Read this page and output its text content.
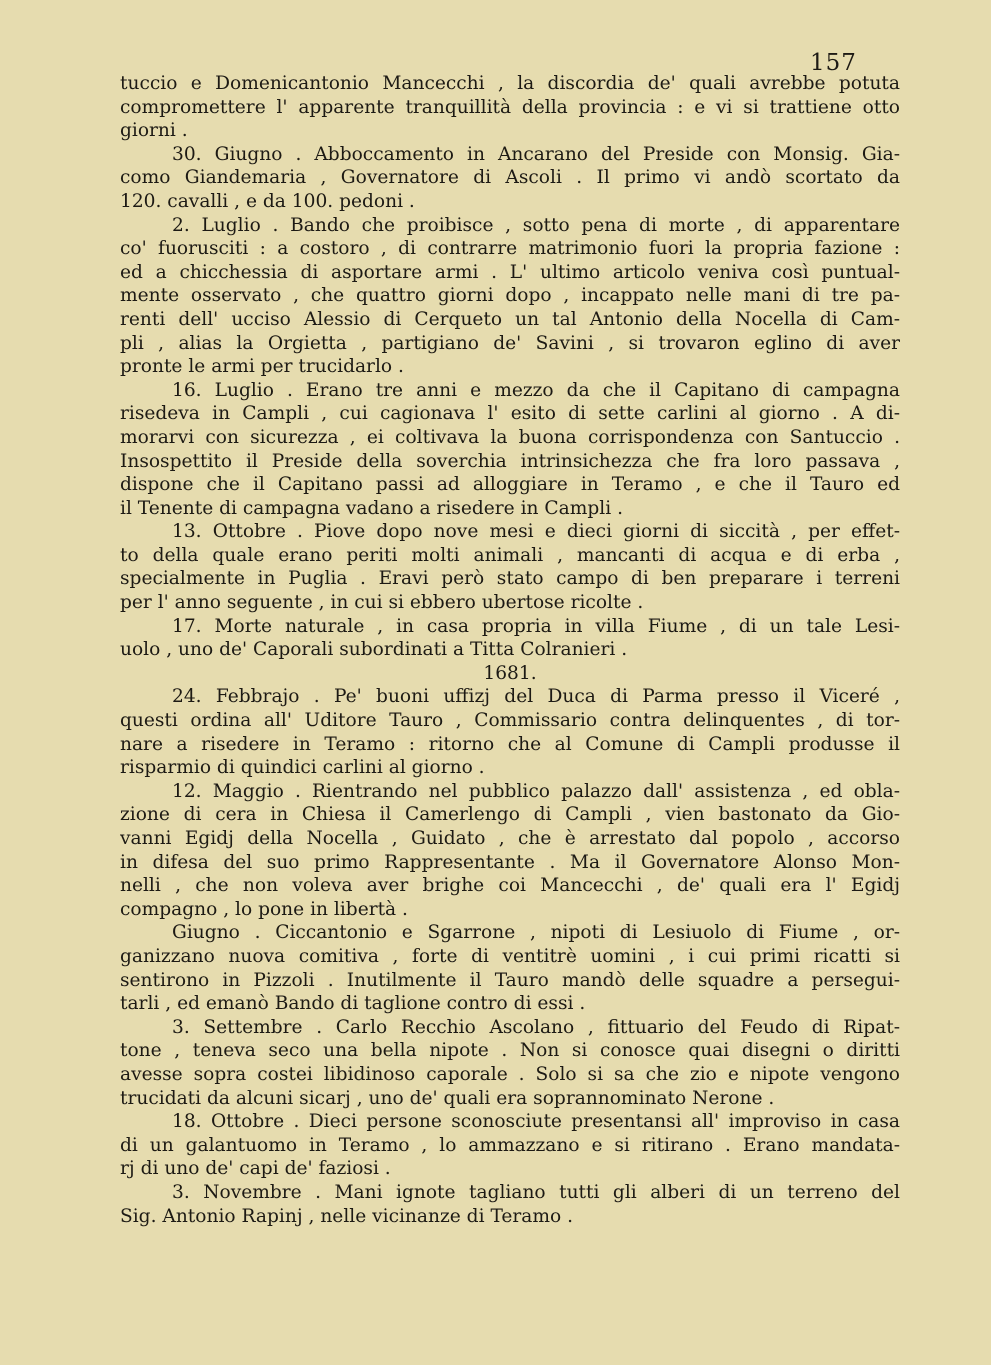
157
tuccio e Domenicantonio Mancecchi , la discordia de' quali avrebbe potuta
compromettere l' apparente tranquillità della provincia : e vi si trattiene otto
giorni .
30. Giugno . Abboccamento in Ancarano del Preside con Monsig. Gia-
como Giandemaria , Governatore di Ascoli . Il primo vi andò scortato da
120. cavalli , e da 100. pedoni .
2. Luglio . Bando che proibisce , sotto pena di morte , di apparentare
co' fuorusciti : a costoro , di contrarre matrimonio fuori la propria fazione :
ed a chicchessia di asportare armi . L' ultimo articolo veniva così puntual-
mente osservato , che quattro giorni dopo , incappato nelle mani di tre pa-
renti dell' ucciso Alessio di Cerqueto un tal Antonio della Nocella di Cam-
pli , alias la Orgietta , partigiano de' Savini , si trovaron eglino di aver
pronte le armi per trucidarlo .
16. Luglio . Erano tre anni e mezzo da che il Capitano di campagna
risedeva in Campli , cui cagionava l' esito di sette carlini al giorno . A di-
morarvi con sicurezza , ei coltivava la buona corrispondenza con Santuccio .
Insospettito il Preside della soverchia intrinsichezza che fra loro passava ,
dispone che il Capitano passi ad alloggiare in Teramo , e che il Tauro ed
il Tenente di campagna vadano a risedere in Campli .
13. Ottobre . Piove dopo nove mesi e dieci giorni di siccità , per effet-
to della quale erano periti molti animali , mancanti di acqua e di erba ,
specialmente in Puglia . Eravi però stato campo di ben preparare i terreni
per l' anno seguente , in cui si ebbero ubertose ricolte .
17. Morte naturale , in casa propria in villa Fiume , di un tale Lesi-
uolo , uno de' Caporali subordinati a Titta Colranieri .
1681.
24. Febbrajo . Pe' buoni uffizj del Duca di Parma presso il Viceré ,
questi ordina all' Uditore Tauro , Commissario contra delinquentes , di tor-
nare a risedere in Teramo : ritorno che al Comune di Campli produsse il
risparmio di quindici carlini al giorno .
12. Maggio . Rientrando nel pubblico palazzo dall' assistenza , ed obla-
zione di cera in Chiesa il Camerlengo di Campli , vien bastonato da Gio-
vanni Egidj della Nocella , Guidato , che è arrestato dal popolo , accorso
in difesa del suo primo Rappresentante . Ma il Governatore Alonso Mon-
nelli , che non voleva aver brighe coi Mancecchi , de' quali era l' Egidj
compagno , lo pone in libertà .
Giugno . Ciccantonio e Sgarrone , nipoti di Lesiuolo di Fiume , or-
ganizzano nuova comitiva , forte di ventitrè uomini , i cui primi ricatti si
sentirono in Pizzoli . Inutilmente il Tauro mandò delle squadre a persegui-
tarli , ed emanò Bando di taglione contro di essi .
3. Settembre . Carlo Recchio Ascolano , fittuario del Feudo di Ripat-
tone , teneva seco una bella nipote . Non si conosce quai disegni o diritti
avesse sopra costei libidinoso caporale . Solo si sa che zio e nipote vengono
trucidati da alcuni sicarj , uno de' quali era soprannominato Nerone .
18. Ottobre . Dieci persone sconosciute presentansi all' improviso in casa
di un galantuomo in Teramo , lo ammazzano e si ritirano . Erano mandata-
rj di uno de' capi de' faziosi .
3. Novembre . Mani ignote tagliano tutti gli alberi di un terreno del
Sig. Antonio Rapinj , nelle vicinanze di Teramo .
